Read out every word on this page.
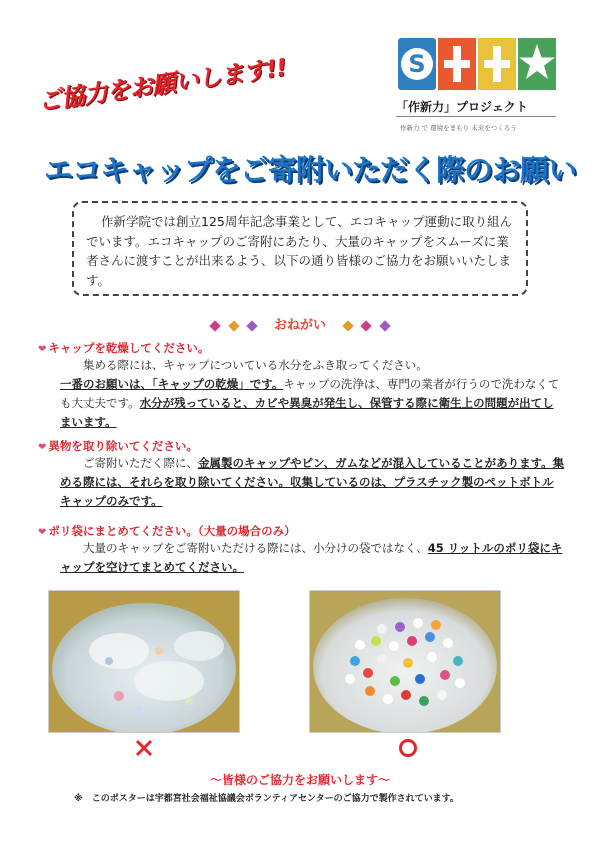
ご協力をお願いします!!	S
「作新力」プロジェクト
作新力 で 環境をまもり 未来をつくろう
エコキャップをご寄附いただく際のお願い
作新学院では創立125周年記念事業として、エコキャップ運動に取り組んでいます。エコキャップのご寄附にあたり、大量のキャップをスムーズに業者さんに渡すことが出来るよう、以下の通り皆様のご協力をお願いいたします。
おねがい
❤ キャップを乾燥してください。
集める際には、キャップについている水分をふき取ってください。
一番のお願いは、「キャップの乾燥」です。キャップの洗浄は、専門の業者が行うので洗わなくても大丈夫です。水分が残っていると、カビや異臭が発生し、保管する際に衛生上の問題が出てしまいます。
❤ 異物を取り除いてください。
ご寄附いただく際に、金属製のキャップやピン、ガムなどが混入していることがあります。集める際には、それらを取り除いてください。収集しているのは、プラスチック製のペットボトルキャップのみです。
❤ ポリ袋にまとめてください。（大量の場合のみ）
大量のキャップをご寄附いただける際には、小分けの袋ではなく、45 リットルのポリ袋にキャップを空けてまとめてください。
～皆様のご協力をお願いします～
※　このポスターは宇都宮社会福祉協議会ボランティアセンターのご協力で製作されています。
